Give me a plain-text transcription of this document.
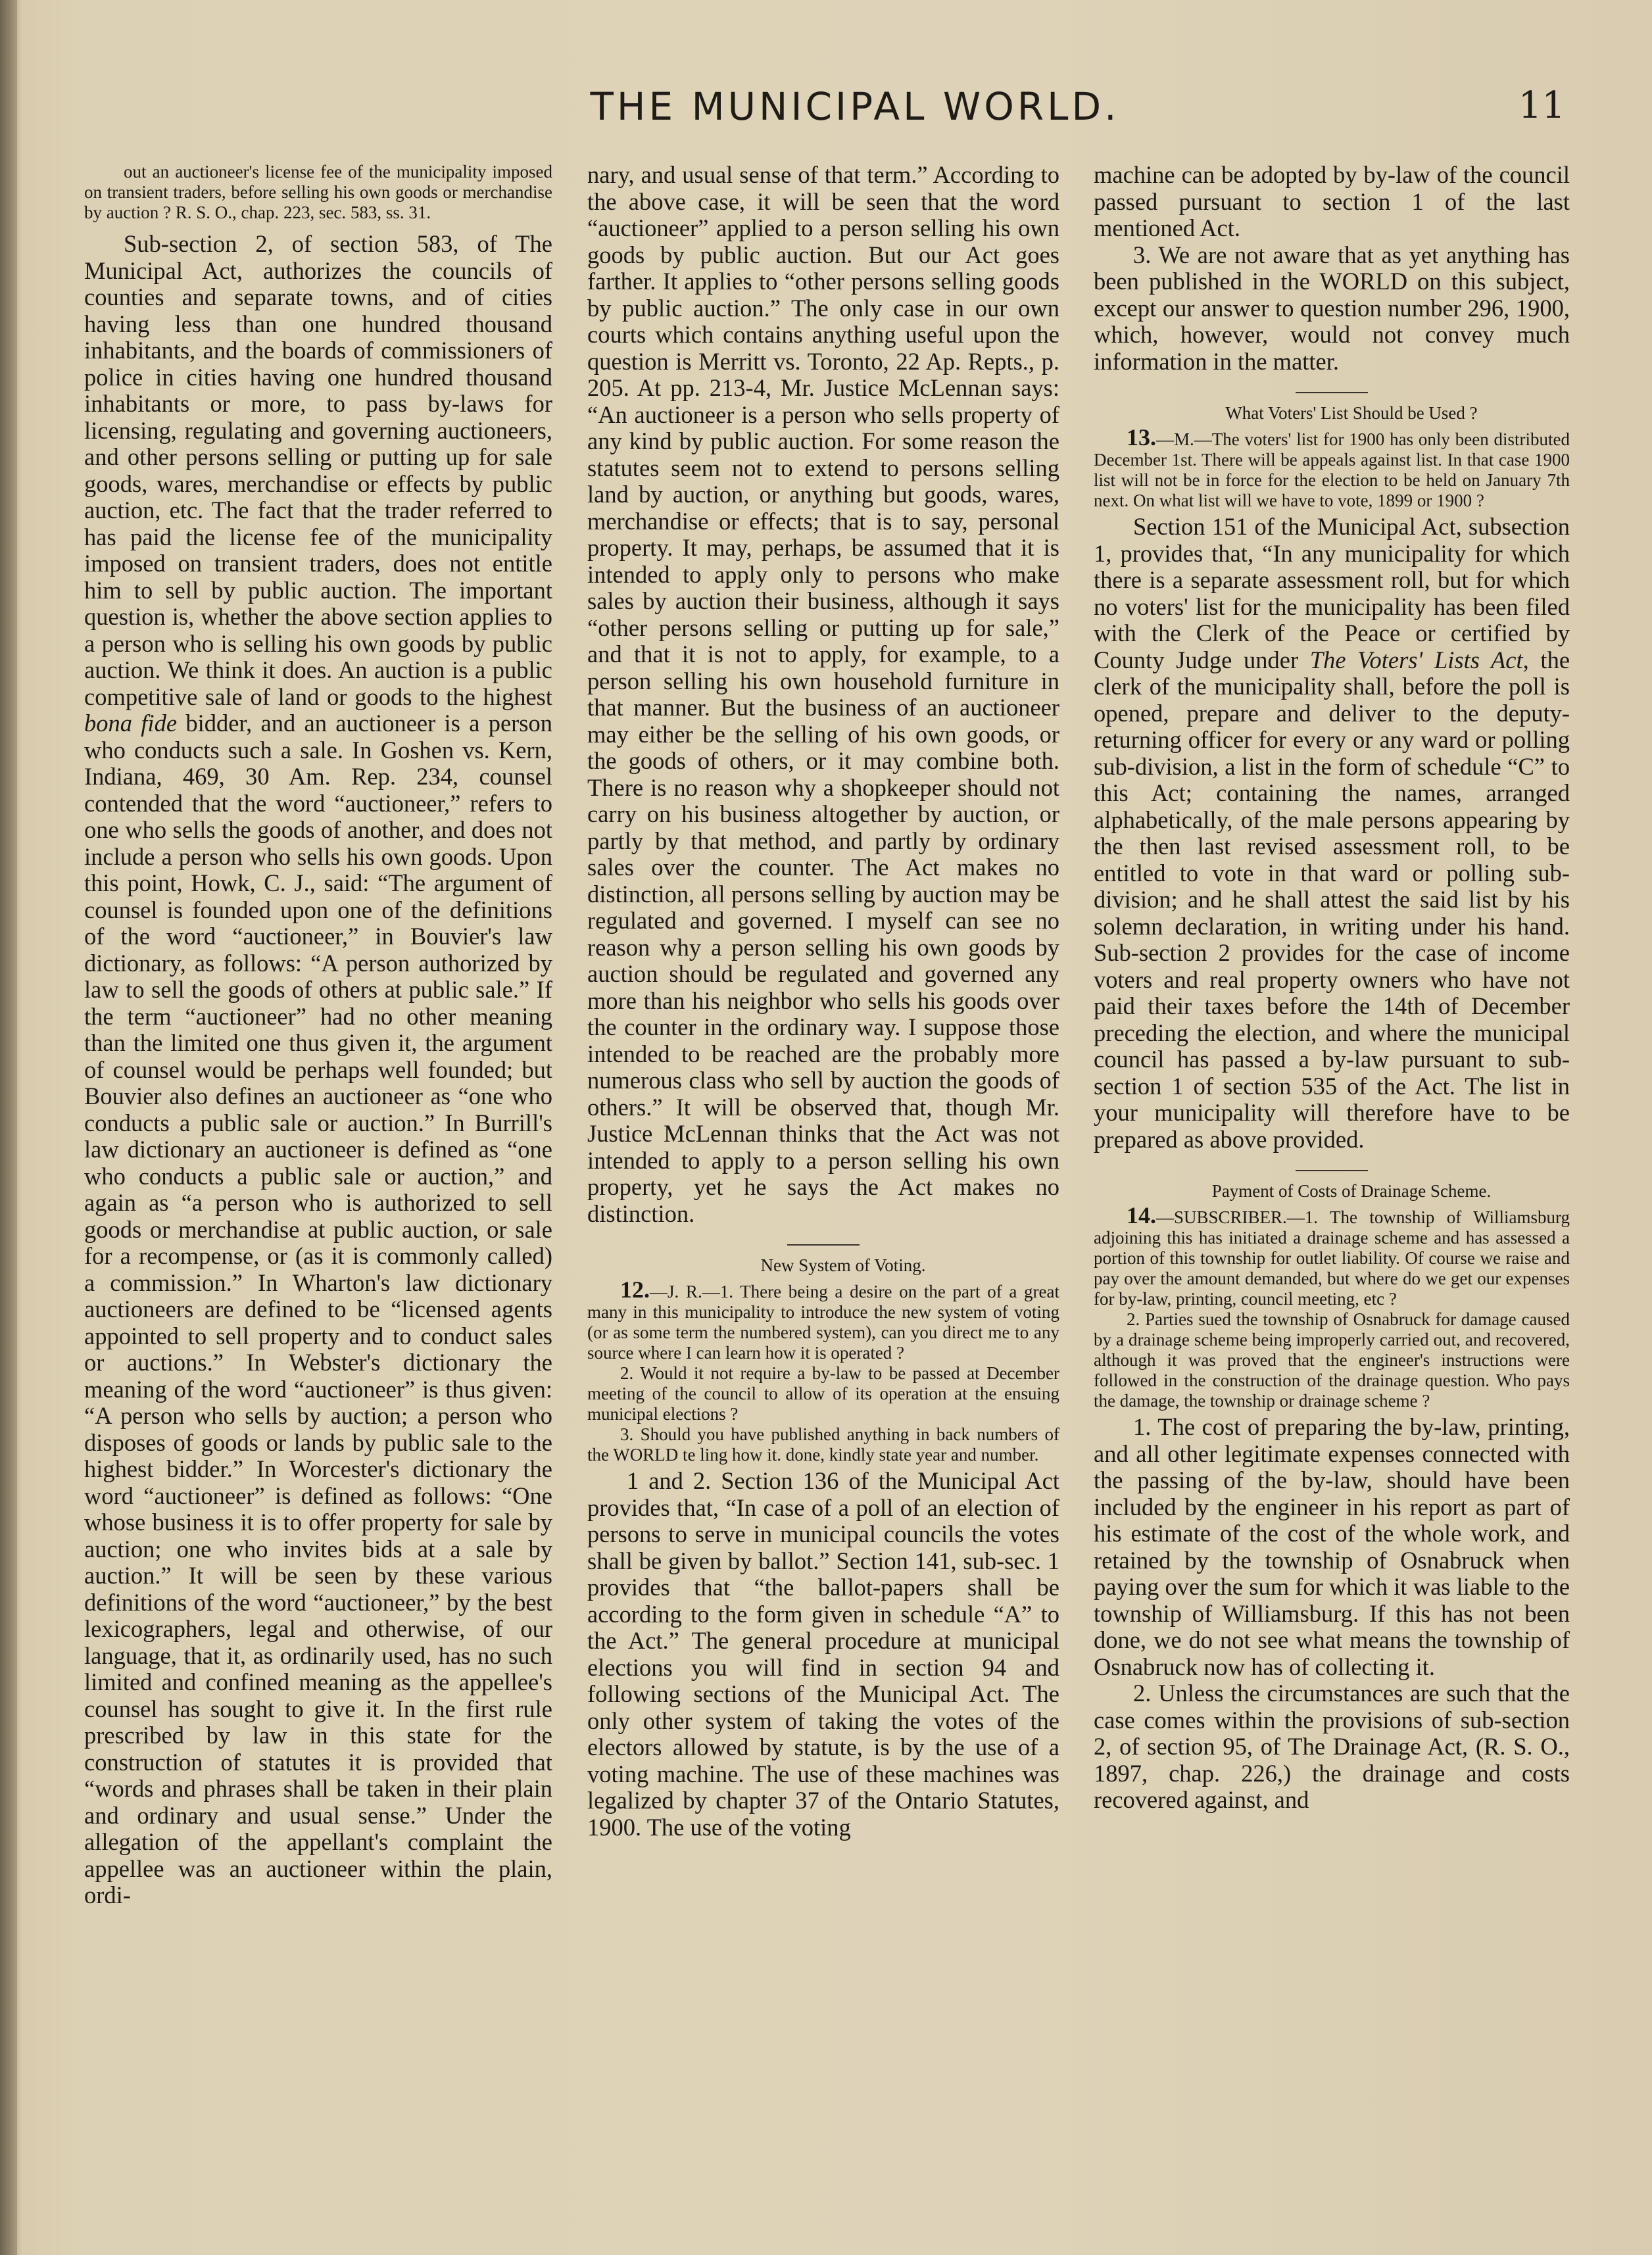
THE MUNICIPAL WORLD.	11

out an auctioneer's license fee of the municipality imposed on transient traders, before selling his own goods or merchandise by auction ? R. S. O., chap. 223, sec. 583, ss. 31.

Sub-section 2, of section 583, of The Municipal Act, authorizes the councils of counties and separate towns, and of cities having less than one hundred thousand inhabitants, and the boards of commissioners of police in cities having one hundred thousand inhabitants or more, to pass by-laws for licensing, regulating and governing auctioneers, and other persons selling or putting up for sale goods, wares, merchandise or effects by public auction, etc. The fact that the trader referred to has paid the license fee of the municipality imposed on transient traders, does not entitle him to sell by public auction. The important question is, whether the above section applies to a person who is selling his own goods by public auction. We think it does. An auction is a public competitive sale of land or goods to the highest bona fide bidder, and an auctioneer is a person who conducts such a sale. In Goshen vs. Kern, Indiana, 469, 30 Am. Rep. 234, counsel contended that the word “auctioneer,” refers to one who sells the goods of another, and does not include a person who sells his own goods. Upon this point, Howk, C. J., said: “The argument of counsel is founded upon one of the definitions of the word “auctioneer,” in Bouvier's law dictionary, as follows: “A person authorized by law to sell the goods of others at public sale.” If the term “auctioneer” had no other meaning than the limited one thus given it, the argument of counsel would be perhaps well founded; but Bouvier also defines an auctioneer as “one who conducts a public sale or auction.” In Burrill's law dictionary an auctioneer is defined as “one who conducts a public sale or auction,” and again as “a person who is authorized to sell goods or merchandise at public auction, or sale for a recompense, or (as it is commonly called) a commission.” In Wharton's law dictionary auctioneers are defined to be “licensed agents appointed to sell property and to conduct sales or auctions.” In Webster's dictionary the meaning of the word “auctioneer” is thus given: “A person who sells by auction; a person who disposes of goods or lands by public sale to the highest bidder.” In Worcester's dictionary the word “auctioneer” is defined as follows: “One whose business it is to offer property for sale by auction; one who invites bids at a sale by auction.” It will be seen by these various definitions of the word “auctioneer,” by the best lexicographers, legal and otherwise, of our language, that it, as ordinarily used, has no such limited and confined meaning as the appellee's counsel has sought to give it. In the first rule prescribed by law in this state for the construction of statutes it is provided that “words and phrases shall be taken in their plain and ordinary and usual sense.” Under the allegation of the appellant's complaint the appellee was an auctioneer within the plain, ordi-

nary, and usual sense of that term.” According to the above case, it will be seen that the word “auctioneer” applied to a person selling his own goods by public auction. But our Act goes farther. It applies to “other persons selling goods by public auction.” The only case in our own courts which contains anything useful upon the question is Merritt vs. Toronto, 22 Ap. Repts., p. 205. At pp. 213-4, Mr. Justice McLennan says: “An auctioneer is a person who sells property of any kind by public auction. For some reason the statutes seem not to extend to persons selling land by auction, or anything but goods, wares, merchandise or effects; that is to say, personal property. It may, perhaps, be assumed that it is intended to apply only to persons who make sales by auction their business, although it says “other persons selling or putting up for sale,” and that it is not to apply, for example, to a person selling his own household furniture in that manner. But the business of an auctioneer may either be the selling of his own goods, or the goods of others, or it may combine both. There is no reason why a shopkeeper should not carry on his business altogether by auction, or partly by that method, and partly by ordinary sales over the counter. The Act makes no distinction, all persons selling by auction may be regulated and governed. I myself can see no reason why a person selling his own goods by auction should be regulated and governed any more than his neighbor who sells his goods over the counter in the ordinary way. I suppose those intended to be reached are the probably more numerous class who sell by auction the goods of others.” It will be observed that, though Mr. Justice McLennan thinks that the Act was not intended to apply to a person selling his own property, yet he says the Act makes no distinction.

New System of Voting.

12.—J. R.—1. There being a desire on the part of a great many in this municipality to introduce the new system of voting (or as some term the numbered system), can you direct me to any source where I can learn how it is operated ?

2. Would it not require a by-law to be passed at December meeting of the council to allow of its operation at the ensuing municipal elections ?

3. Should you have published anything in back numbers of the WORLD te ling how it. done, kindly state year and number.

1 and 2. Section 136 of the Municipal Act provides that, “In case of a poll of an election of persons to serve in municipal councils the votes shall be given by ballot.” Section 141, sub-sec. 1 provides that “the ballot-papers shall be according to the form given in schedule “A” to the Act.” The general procedure at municipal elections you will find in section 94 and following sections of the Municipal Act. The only other system of taking the votes of the electors allowed by statute, is by the use of a voting machine. The use of these machines was legalized by chapter 37 of the Ontario Statutes, 1900. The use of the voting

machine can be adopted by by-law of the council passed pursuant to section 1 of the last mentioned Act.

3. We are not aware that as yet anything has been published in the WORLD on this subject, except our answer to question number 296, 1900, which, however, would not convey much information in the matter.

What Voters' List Should be Used ?

13.—M.—The voters' list for 1900 has only been distributed December 1st. There will be appeals against list. In that case 1900 list will not be in force for the election to be held on January 7th next. On what list will we have to vote, 1899 or 1900 ?

Section 151 of the Municipal Act, subsection 1, provides that, “In any municipality for which there is a separate assessment roll, but for which no voters' list for the municipality has been filed with the Clerk of the Peace or certified by County Judge under The Voters' Lists Act, the clerk of the municipality shall, before the poll is opened, prepare and deliver to the deputy-returning officer for every or any ward or polling sub-division, a list in the form of schedule “C” to this Act; containing the names, arranged alphabetically, of the male persons appearing by the then last revised assessment roll, to be entitled to vote in that ward or polling sub-division; and he shall attest the said list by his solemn declaration, in writing under his hand. Sub-section 2 provides for the case of income voters and real property owners who have not paid their taxes before the 14th of December preceding the election, and where the municipal council has passed a by-law pursuant to sub-section 1 of section 535 of the Act. The list in your municipality will therefore have to be prepared as above provided.

Payment of Costs of Drainage Scheme.

14.—SUBSCRIBER.—1. The township of Williamsburg adjoining this has initiated a drainage scheme and has assessed a portion of this township for outlet liability. Of course we raise and pay over the amount demanded, but where do we get our expenses for by-law, printing, council meeting, etc ?

2. Parties sued the township of Osnabruck for damage caused by a drainage scheme being improperly carried out, and recovered, although it was proved that the engineer's instructions were followed in the construction of the drainage question. Who pays the damage, the township or drainage scheme ?

1. The cost of preparing the by-law, printing, and all other legitimate expenses connected with the passing of the by-law, should have been included by the engineer in his report as part of his estimate of the cost of the whole work, and retained by the township of Osnabruck when paying over the sum for which it was liable to the township of Williamsburg. If this has not been done, we do not see what means the township of Osnabruck now has of collecting it.

2. Unless the circumstances are such that the case comes within the provisions of sub-section 2, of section 95, of The Drainage Act, (R. S. O., 1897, chap. 226,) the drainage and costs recovered against, and
